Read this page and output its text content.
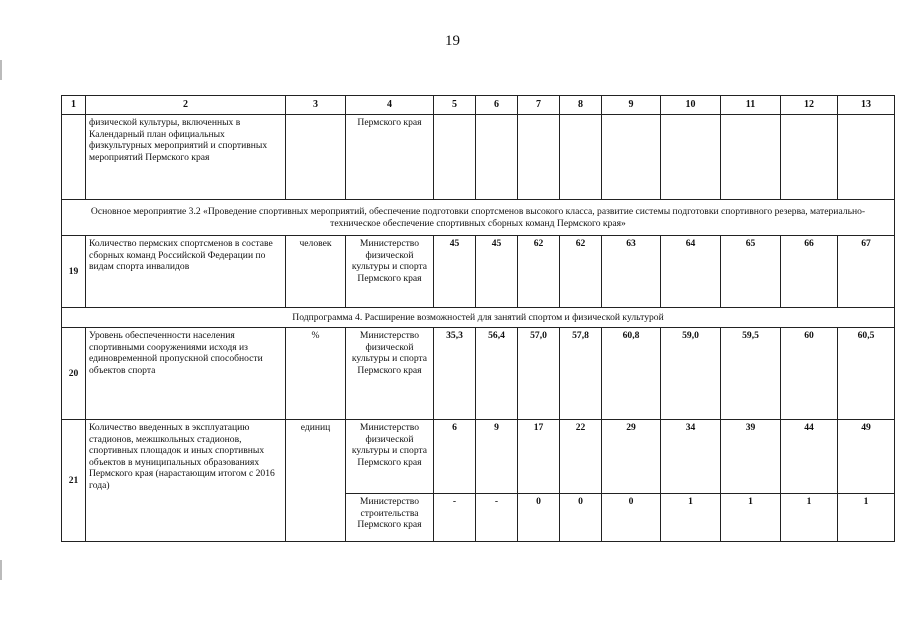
19
1	2	3	4	5	6	7	8	9	10	11	12	13
	физической культуры, включенных в Календарный план официальных физкультурных мероприятий и спортивных мероприятий Пермского края		Пермского края									
Основное мероприятие 3.2 «Проведение спортивных мероприятий, обеспечение подготовки спортсменов высокого класса, развитие системы подготовки спортивного резерва, материально-техническое обеспечение спортивных сборных команд Пермского края»												
19	Количество пермских спортсменов в составе сборных команд Российской Федерации по видам спорта инвалидов	человек	Министерство физической культуры и спорта Пермского края	45	45	62	62	63	64	65	66	67
Подпрограмма 4. Расширение возможностей для занятий спортом и физической культурой												
20	Уровень обеспеченности населения спортивными сооружениями исходя из единовременной пропускной способности объектов спорта	%	Министерство физической культуры и спорта Пермского края	35,3	56,4	57,0	57,8	60,8	59,0	59,5	60	60,5
21	Количество введенных в эксплуатацию стадионов, межшкольных стадионов, спортивных площадок и иных спортивных объектов в муниципальных образованиях Пермского края (нарастающим итогом с 2016 года)	единиц	Министерство физической культуры и спорта Пермского края	6	9	17	22	29	34	39	44	49
			Министерство строительства Пермского края	-	-	0	0	0	1	1	1	1
